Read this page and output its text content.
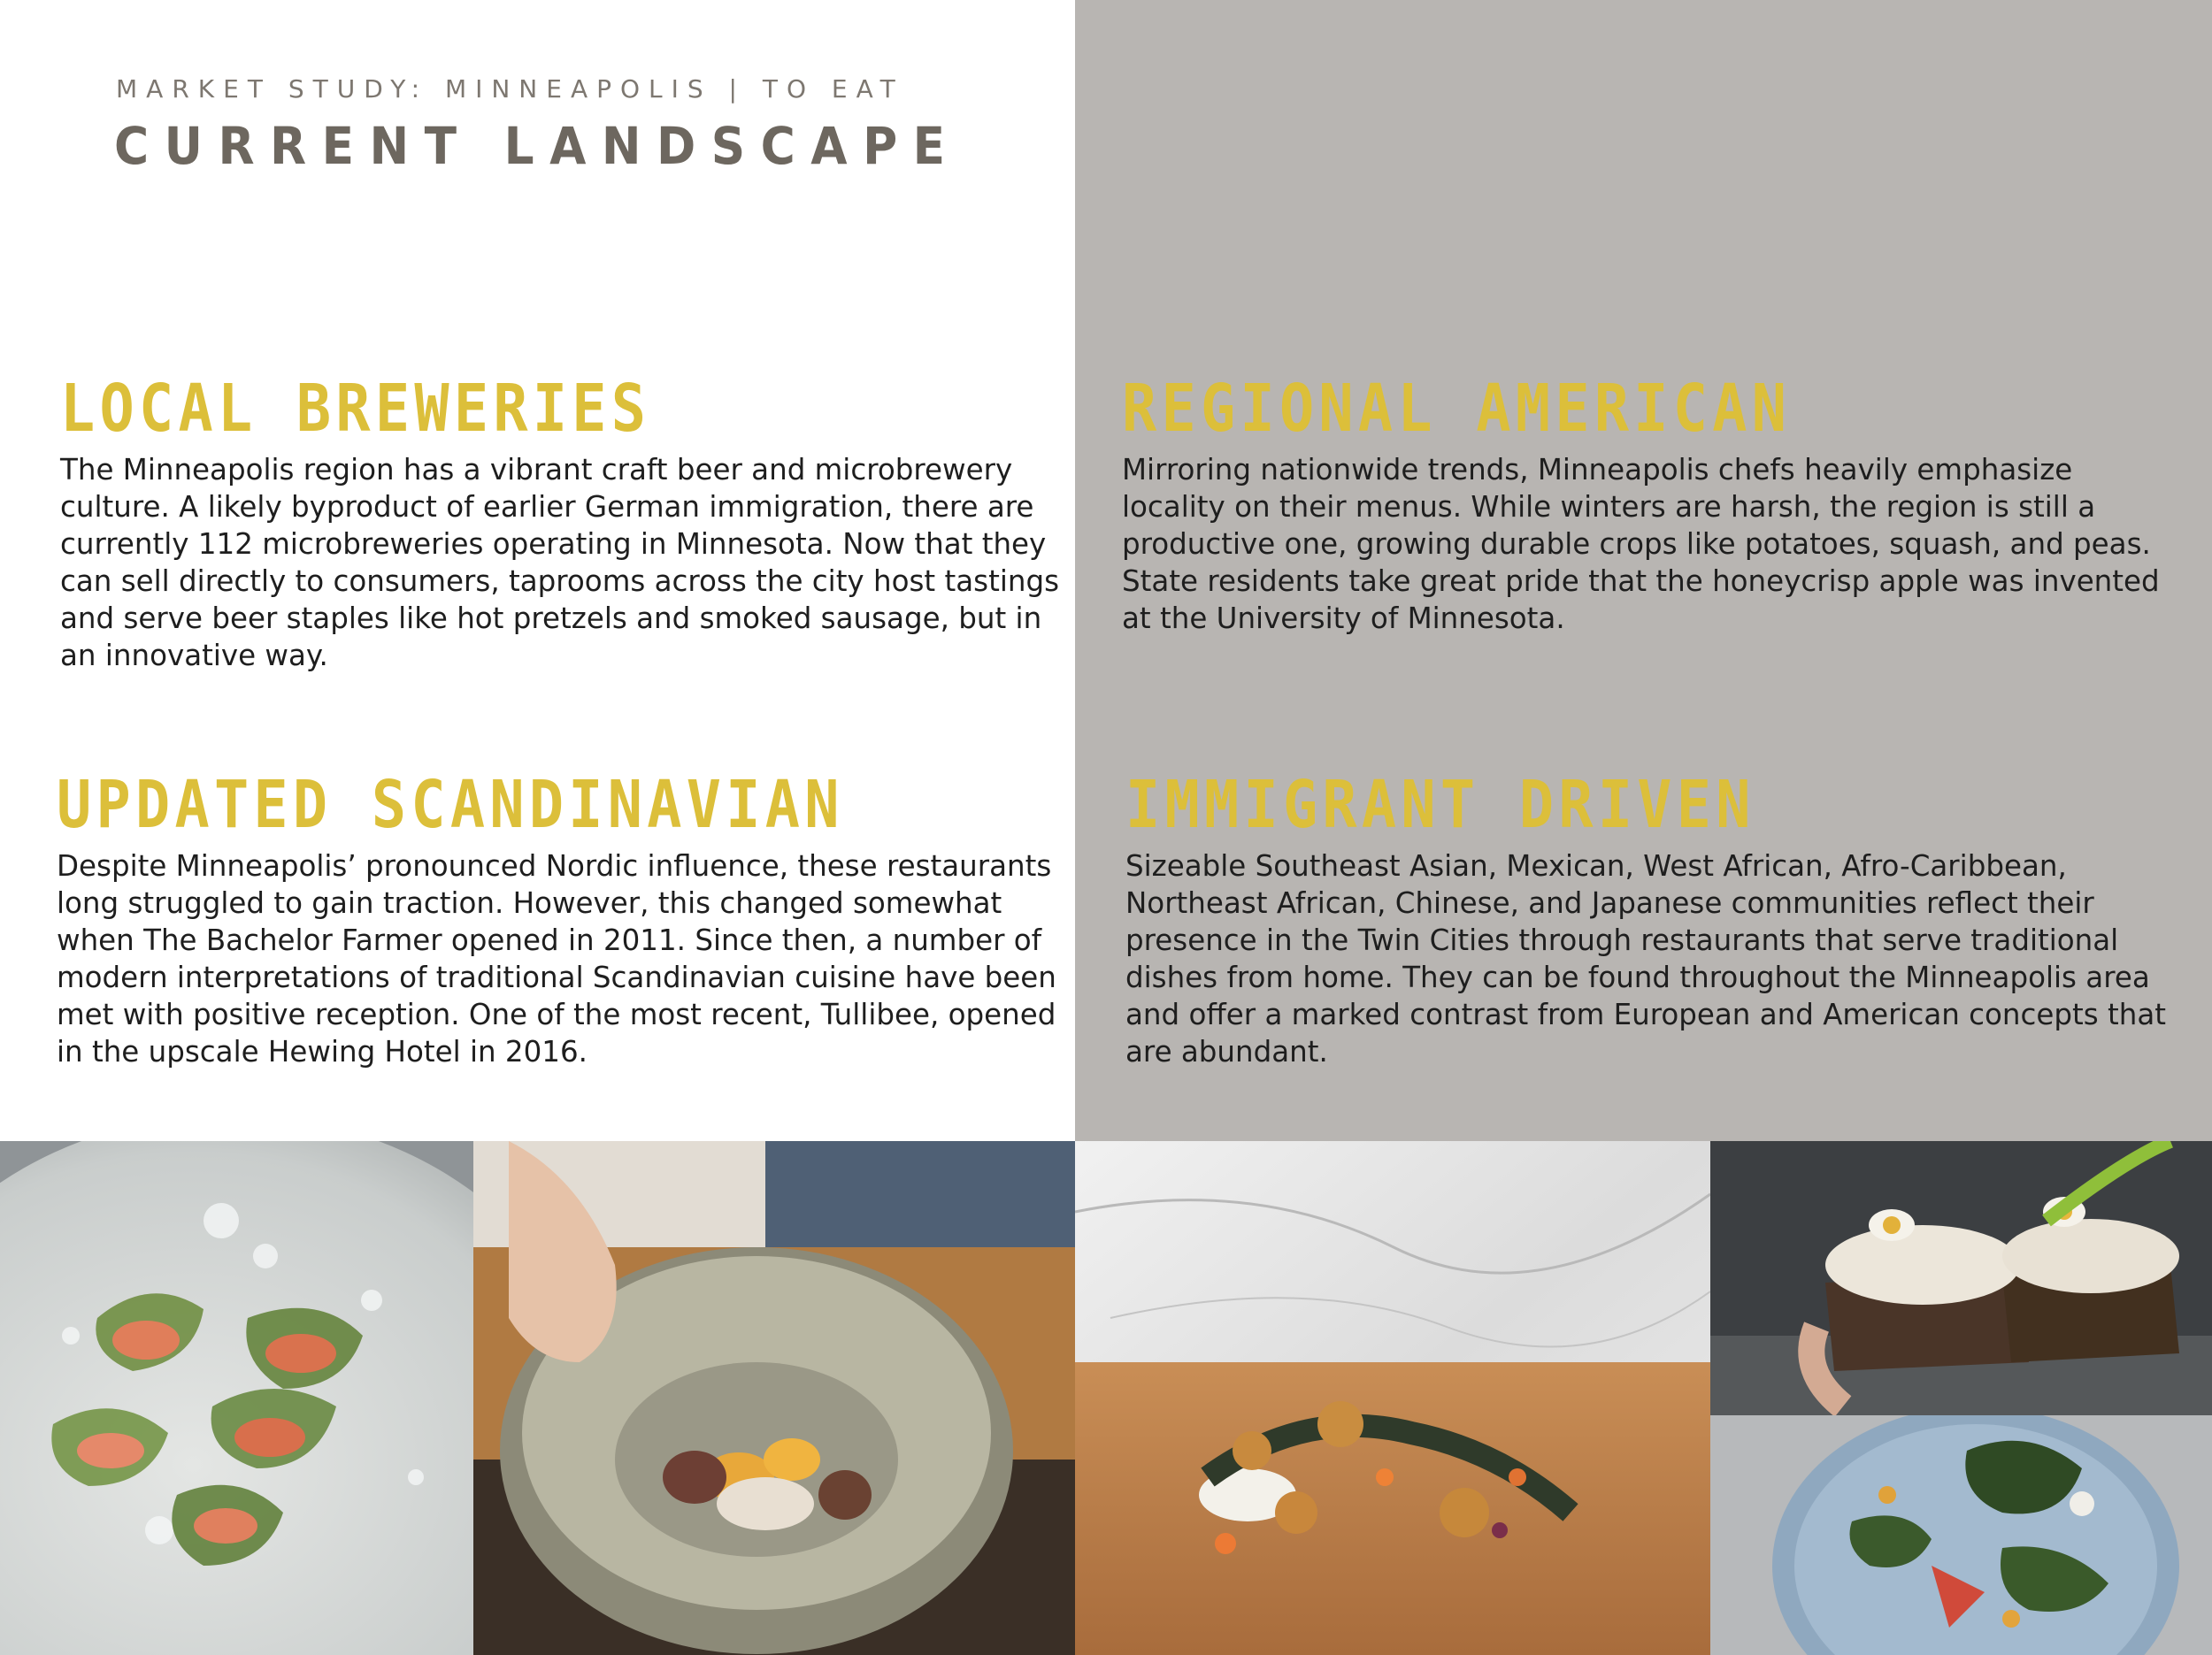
MARKET STUDY: MINNEAPOLIS | TO EAT
CURRENT LANDSCAPE
LOCAL BREWERIES

The Minneapolis region has a vibrant craft beer and microbrewery culture. A likely byproduct of earlier German immigration, there are currently 112 microbreweries operating in Minnesota. Now that they can sell directly to consumers, taprooms across the city host tastings and serve beer staples like hot pretzels and smoked sausage, but in an innovative way.

REGIONAL AMERICAN

Mirroring nationwide trends, Minneapolis chefs heavily emphasize locality on their menus. While winters are harsh, the region is still a productive one, growing durable crops like potatoes, squash, and peas. State residents take great pride that the honeycrisp apple was invented at the University of Minnesota.

UPDATED SCANDINAVIAN

Despite Minneapolis’ pronounced Nordic influence, these restaurants long struggled to gain traction. However, this changed somewhat when The Bachelor Farmer opened in 2011. Since then, a number of modern interpretations of traditional Scandinavian cuisine have been met with positive reception. One of the most recent, Tullibee, opened in the upscale Hewing Hotel in 2016.

IMMIGRANT DRIVEN

Sizeable Southeast Asian, Mexican, West African, Afro-Caribbean, Northeast African, Chinese, and Japanese communities reflect their presence in the Twin Cities through restaurants that serve traditional dishes from home. They can be found throughout the Minneapolis area and offer a marked contrast from European and American concepts that are abundant.
